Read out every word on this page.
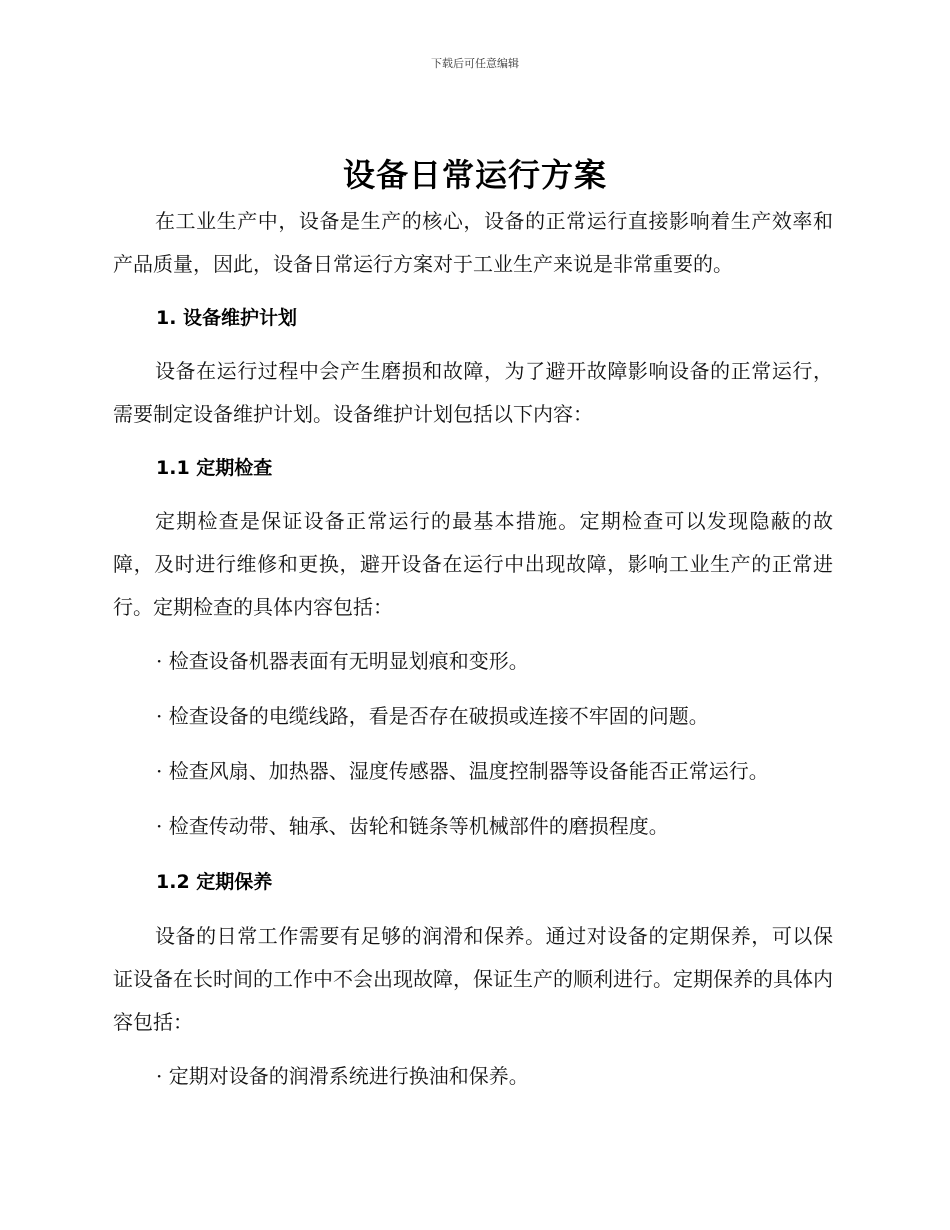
下载后可任意编辑
设备日常运行方案

在工业生产中，设备是生产的核心，设备的正常运行直接影响着生产效率和产品质量，因此，设备日常运行方案对于工业生产来说是非常重要的。

1. 设备维护计划

设备在运行过程中会产生磨损和故障，为了避开故障影响设备的正常运行，需要制定设备维护计划。设备维护计划包括以下内容：

1.1 定期检查

定期检查是保证设备正常运行的最基本措施。定期检查可以发现隐蔽的故障，及时进行维修和更换，避开设备在运行中出现故障，影响工业生产的正常进行。定期检查的具体内容包括：

· 检查设备机器表面有无明显划痕和变形。

· 检查设备的电缆线路，看是否存在破损或连接不牢固的问题。

· 检查风扇、加热器、湿度传感器、温度控制器等设备能否正常运行。

· 检查传动带、轴承、齿轮和链条等机械部件的磨损程度。

1.2 定期保养

设备的日常工作需要有足够的润滑和保养。通过对设备的定期保养，可以保证设备在长时间的工作中不会出现故障，保证生产的顺利进行。定期保养的具体内容包括：

· 定期对设备的润滑系统进行换油和保养。
